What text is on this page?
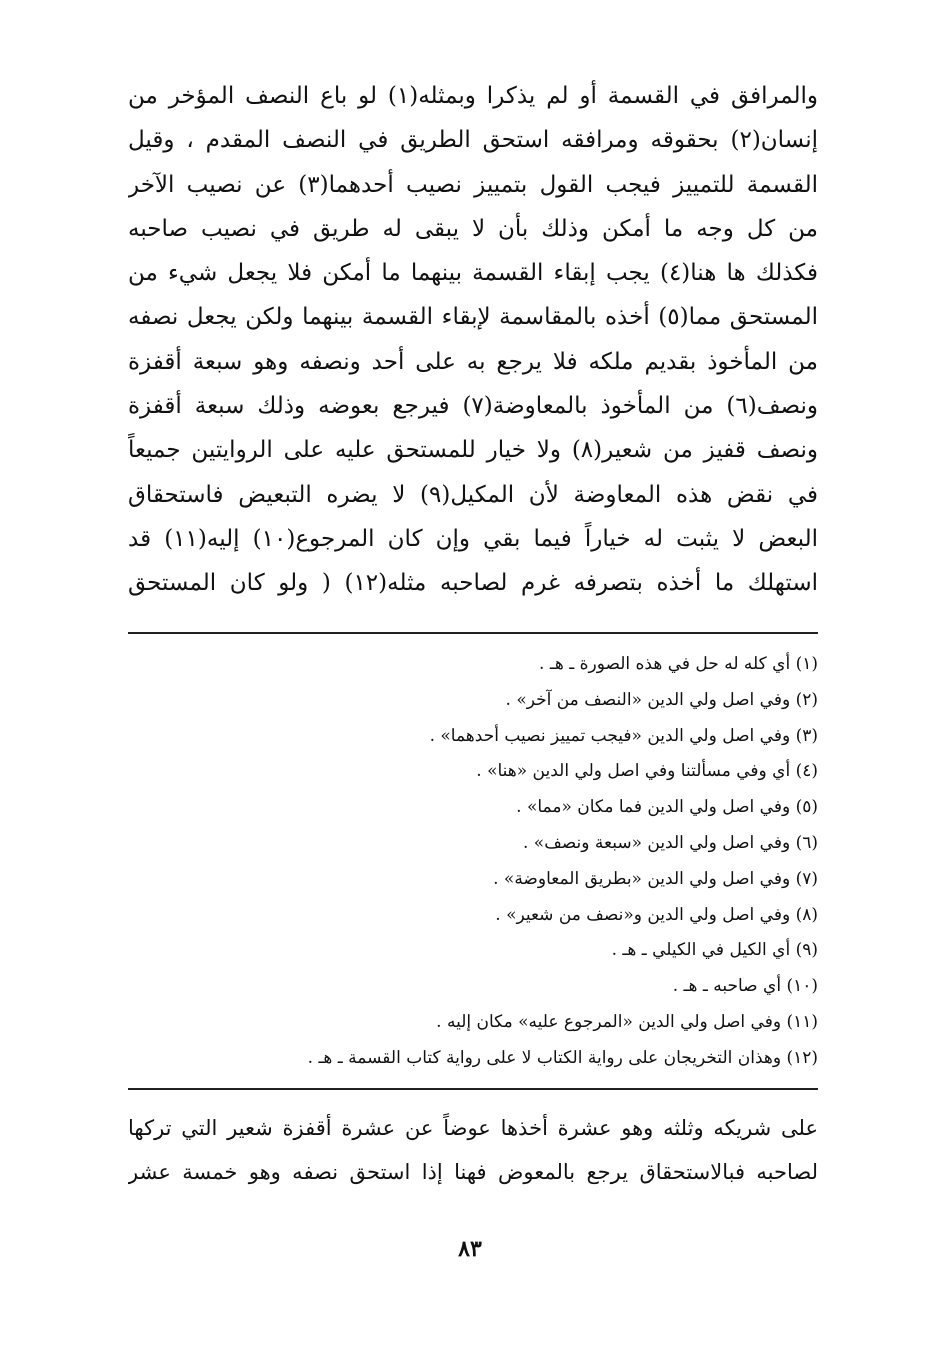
والمرافق في القسمة أو لم يذكرا وبمثله(١) لو باع النصف المؤخر من
إنسان(٢) بحقوقه ومرافقه استحق الطريق في النصف المقدم ، وقيل
القسمة للتمييز فيجب القول بتمييز نصيب أحدهما(٣) عن نصيب الآخر
من كل وجه ما أمكن وذلك بأن لا يبقى له طريق في نصيب صاحبه
فكذلك ها هنا(٤) يجب إبقاء القسمة بينهما ما أمكن فلا يجعل شيء من
المستحق مما(٥) أخذه بالمقاسمة لإبقاء القسمة بينهما ولكن يجعل نصفه
من المأخوذ بقديم ملكه فلا يرجع به على أحد ونصفه وهو سبعة أقفزة
ونصف(٦) من المأخوذ بالمعاوضة(٧) فيرجع بعوضه وذلك سبعة أقفزة
ونصف قفيز من شعير(٨) ولا خيار للمستحق عليه على الروايتين جميعاً
في نقض هذه المعاوضة لأن المكيل(٩) لا يضره التبعيض فاستحقاق
البعض لا يثبت له خياراً فيما بقي وإن كان المرجوع(١٠) إليه(١١) قد
استهلك ما أخذه بتصرفه غرم لصاحبه مثله(١٢) ( ولو كان المستحق
(١) أي كله له حل في هذه الصورة ـ هـ .
(٢) وفي اصل ولي الدين «النصف من آخر» .
(٣) وفي اصل ولي الدين «فيجب تمييز نصيب أحدهما» .
(٤) أي وفي مسألتنا وفي اصل ولي الدين «هنا» .
(٥) وفي اصل ولي الدين فما مكان «مما» .
(٦) وفي اصل ولي الدين «سبعة ونصف» .
(٧) وفي اصل ولي الدين «بطريق المعاوضة» .
(٨) وفي اصل ولي الدين و«نصف من شعير» .
(٩) أي الكيل في الكيلي ـ هـ .
(١٠) أي صاحبه ـ هـ .
(١١) وفي اصل ولي الدين «المرجوع عليه» مكان إليه .
(١٢) وهذان التخريجان على رواية الكتاب لا على رواية كتاب القسمة ـ هـ .
على شريكه وثلثه وهو عشرة أخذها عوضاً عن عشرة أقفزة شعير التي تركها
لصاحبه فبالاستحقاق يرجع بالمعوض فهنا إذا استحق نصفه وهو خمسة عشر
٨٣
